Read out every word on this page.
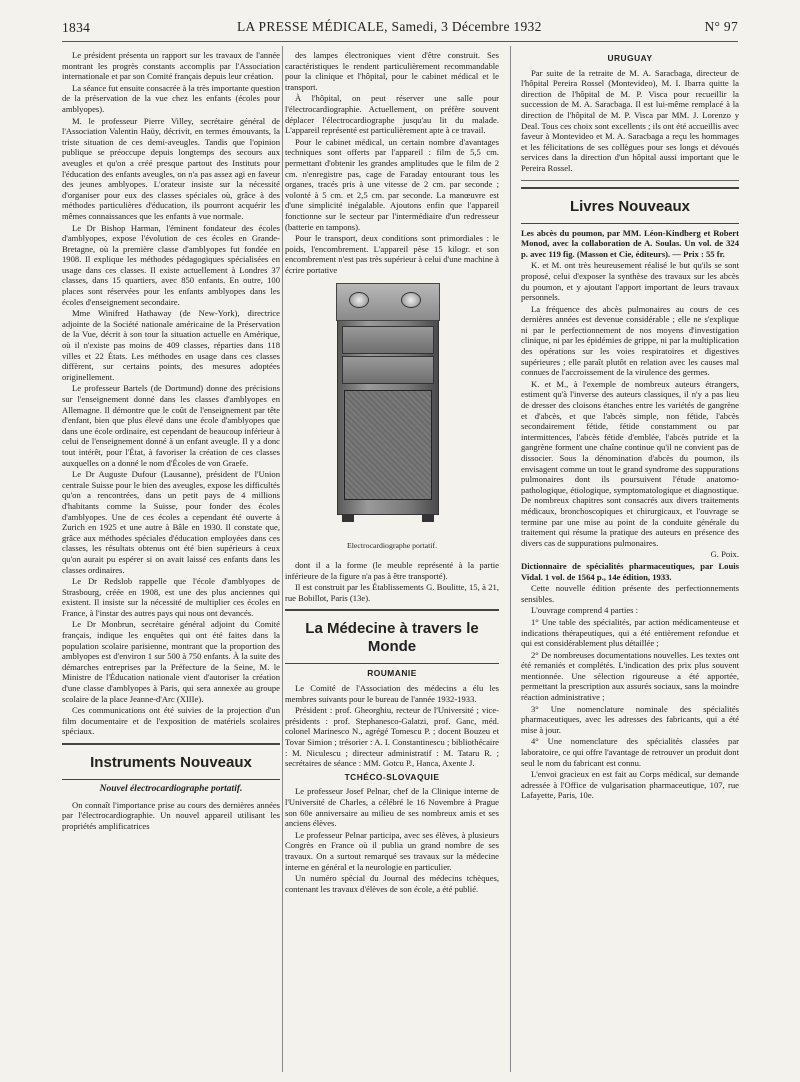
1834	LA PRESSE MÉDICALE, Samedi, 3 Décembre 1932	N° 97

Le président présenta un rapport sur les travaux de l'année montrant les progrès constants accomplis par l'Association internationale et par son Comité français depuis leur création.

La séance fut ensuite consacrée à la très importante question de la préservation de la vue chez les enfants (écoles pour amblyopes).

M. le professeur Pierre Villey, secrétaire général de l'Association Valentin Haüy, décrivit, en termes émouvants, la triste situation de ces demi-aveugles. Tandis que l'opinion publique se préoccupe depuis longtemps des secours aux aveugles et qu'on a créé presque partout des Instituts pour l'éducation des enfants aveugles, on n'a pas assez agi en faveur des jeunes amblyopes. L'orateur insiste sur la nécessité d'organiser pour eux des classes spéciales où, grâce à des méthodes particulières d'éducation, ils pourront acquérir les mêmes connaissances que les enfants à vue normale.

Le Dr Bishop Harman, l'éminent fondateur des écoles d'amblyopes, expose l'évolution de ces écoles en Grande-Bretagne, où la première classe d'amblyopes fut fondée en 1908. Il explique les méthodes pédagogiques spécialisées en usage dans ces classes. Il existe actuellement à Londres 37 classes, dans 15 quartiers, avec 850 enfants. En outre, 100 places sont réservées pour les enfants amblyopes dans les écoles d'enseignement secondaire.

Mme Winifred Hathaway (de New-York), directrice adjointe de la Société nationale américaine de la Préservation de la Vue, décrit à son tour la situation actuelle en Amérique, où il n'existe pas moins de 409 classes, réparties dans 118 villes et 22 États. Les méthodes en usage dans ces classes diffèrent, sur certains points, des mesures adoptées originellement.

Le professeur Bartels (de Dortmund) donne des précisions sur l'enseignement donné dans les classes d'amblyopes en Allemagne. Il démontre que le coût de l'enseignement par tête d'enfant, bien que plus élevé dans une école d'amblyopes que dans une école ordinaire, est cependant de beaucoup inférieur à celui de l'enseignement donné à un enfant aveugle. Il y a donc tout intérêt, pour l'État, à favoriser la création de ces classes auxquelles on a donné le nom d'Écoles de von Graefe.

Le Dr Auguste Dufour (Lausanne), président de l'Union centrale Suisse pour le bien des aveugles, expose les difficultés qu'on a rencontrées, dans un petit pays de 4 millions d'habitants comme la Suisse, pour fonder des écoles d'amblyopes. Une de ces écoles a cependant été ouverte à Zurich en 1925 et une autre à Bâle en 1930. Il constate que, grâce aux méthodes spéciales d'éducation employées dans ces classes, les résultats obtenus ont été bien supérieurs à ceux qu'on aurait pu espérer si on avait laissé ces enfants dans les classes ordinaires.

Le Dr Redslob rappelle que l'école d'amblyopes de Strasbourg, créée en 1908, est une des plus anciennes qui existent. Il insiste sur la nécessité de multiplier ces écoles en France, à l'instar des autres pays qui nous ont devancés.

Le Dr Monbrun, secrétaire général adjoint du Comité français, indique les enquêtes qui ont été faites dans la population scolaire parisienne, montrant que la proportion des amblyopes est d'environ 1 sur 500 à 750 enfants. À la suite des démarches entreprises par la Préfecture de la Seine, M. le Ministre de l'Éducation nationale vient d'autoriser la création d'une classe d'amblyopes à Paris, qui sera annexée au groupe scolaire de la place Jeanne-d'Arc (XIIIe).

Ces communications ont été suivies de la projection d'un film documentaire et de l'exposition de matériels scolaires spéciaux.

Instruments Nouveaux
Nouvel électrocardiographe portatif.

On connaît l'importance prise au cours des dernières années par l'électrocardiographie. Un nouvel appareil utilisant les propriétés amplificatrices

des lampes électroniques vient d'être construit. Ses caractéristiques le rendent particulièrement recommandable pour la clinique et l'hôpital, pour le cabinet médical et le transport.

À l'hôpital, on peut réserver une salle pour l'électrocardiographie. Actuellement, on préfère souvent déplacer l'électrocardiographe jusqu'au lit du malade. L'appareil représenté est particulièrement apte à ce travail.

Pour le cabinet médical, un certain nombre d'avantages techniques sont offerts par l'appareil : film de 5,5 cm. permettant d'obtenir les grandes amplitudes que le film de 2 cm. n'enregistre pas, cage de Faraday entourant tous les organes, tracés pris à une vitesse de 2 cm. par seconde ; volonté à 5 cm. et 2,5 cm. par seconde. La manœuvre est d'une simplicité inégalable. Ajoutons enfin que l'appareil fonctionne sur le secteur par l'intermédiaire d'un redresseur (batterie en tampons).

Pour le transport, deux conditions sont primordiales : le poids, l'encombrement. L'appareil pèse 15 kilogr. et son encombrement n'est pas très supérieur à celui d'une machine à écrire portative

Electrocardiographe portatif.

dont il a la forme (le meuble représenté à la partie inférieure de la figure n'a pas à être transporté).

Il est construit par les Établissements G. Boulitte, 15, à 21, rue Bobillot, Paris (13e).

La Médecine à travers le Monde
ROUMANIE

Le Comité de l'Association des médecins a élu les membres suivants pour le bureau de l'année 1932-1933.

Président : prof. Gheorghiu, recteur de l'Université ; vice-présidents : prof. Stephanesco-Galatzi, prof. Ganc, méd. colonel Marinesco N., agrégé Tomescu P. ; docent Bouzeu et Tovar Simion ; trésorier : A. I. Constantinescu ; bibliothécaire : M. Niculescu ; directeur administratif : M. Tataru R. ; secrétaires de séance : MM. Gotcu P., Hanca, Axente J.

TCHÉCO-SLOVAQUIE

Le professeur Josef Pelnar, chef de la Clinique interne de l'Université de Charles, a célébré le 16 Novembre à Prague son 60e anniversaire au milieu de ses nombreux amis et ses anciens élèves.

Le professeur Pelnar participa, avec ses élèves, à plusieurs Congrès en France où il publia un grand nombre de ses travaux. On a surtout remarqué ses travaux sur la médecine interne en général et la neurologie en particulier.

Un numéro spécial du Journal des médecins tchèques, contenant les travaux d'élèves de son école, a été publié.

URUGUAY

Par suite de la retraite de M. A. Saracbaga, directeur de l'hôpital Pereira Rossel (Montevideo), M. I. Ibarra quitte la direction de l'hôpital de M. P. Visca pour recueillir la succession de M. A. Saracbaga. Il est lui-même remplacé à la direction de l'hôpital de M. P. Visca par MM. J. Lorenzo y Deal. Tous ces choix sont excellents ; ils ont été accueillis avec faveur à Montevideo et M. A. Saracbaga a reçu les hommages et les félicitations de ses collègues pour ses longs et dévoués services dans la direction d'un hôpital aussi important que le Pereira Rossel.

Livres Nouveaux

Les abcès du poumon, par MM. Léon-Kindberg et Robert Monod, avec la collaboration de A. Soulas. Un vol. de 324 p. avec 119 fig. (Masson et Cie, éditeurs). — Prix : 55 fr.

K. et M. ont très heureusement réalisé le but qu'ils se sont proposé, celui d'exposer la synthèse des travaux sur les abcès du poumon, et y ajoutant l'apport important de leurs travaux personnels.

La fréquence des abcès pulmonaires au cours de ces dernières années est devenue considérable ; elle ne s'explique ni par le perfectionnement de nos moyens d'investigation clinique, ni par les épidémies de grippe, ni par la multiplication des opérations sur les voies respiratoires et digestives supérieures ; elle paraît plutôt en relation avec les causes mal connues de l'accroissement de la virulence des germes.

K. et M., à l'exemple de nombreux auteurs étrangers, estiment qu'à l'inverse des auteurs classiques, il n'y a pas lieu de dresser des cloisons étanches entre les variétés de gangrène et d'abcès, et que l'abcès simple, non fétide, l'abcès secondairement fétide, fétide constamment ou par intermittences, l'abcès fétide d'emblée, l'abcès putride et la gangrène forment une chaîne continue qu'il ne convient pas de dissocier. Sous la dénomination d'abcès du poumon, ils envisagent comme un tout le grand syndrome des suppurations pulmonaires dont ils poursuivent l'étude anatomo-pathologique, étiologique, symptomatologique et diagnostique. De nombreux chapitres sont consacrés aux divers traitements médicaux, bronchoscopiques et chirurgicaux, et l'ouvrage se termine par une mise au point de la conduite générale du traitement qui résume la pratique des auteurs en présence des divers cas de suppurations pulmonaires.

G. Poix.

Dictionnaire de spécialités pharmaceutiques, par Louis Vidal. 1 vol. de 1564 p., 14e édition, 1933.

Cette nouvelle édition présente des perfectionnements sensibles.

L'ouvrage comprend 4 parties :

1° Une table des spécialités, par action médicamenteuse et indications thérapeutiques, qui a été entièrement refondue et qui est considérablement plus détaillée ;

2° De nombreuses documentations nouvelles. Les textes ont été remaniés et complétés. L'indication des prix plus souvent mentionnée. Une sélection rigoureuse a été apportée, permettant la prescription aux assurés sociaux, sans la moindre réaction administrative ;

3° Une nomenclature nominale des spécialités pharmaceutiques, avec les adresses des fabricants, qui a été mise à jour.

4° Une nomenclature des spécialités classées par laboratoire, ce qui offre l'avantage de retrouver un produit dont seul le nom du fabricant est connu.

L'envoi gracieux en est fait au Corps médical, sur demande adressée à l'Office de vulgarisation pharmaceutique, 107, rue Lafayette, Paris, 10e.
